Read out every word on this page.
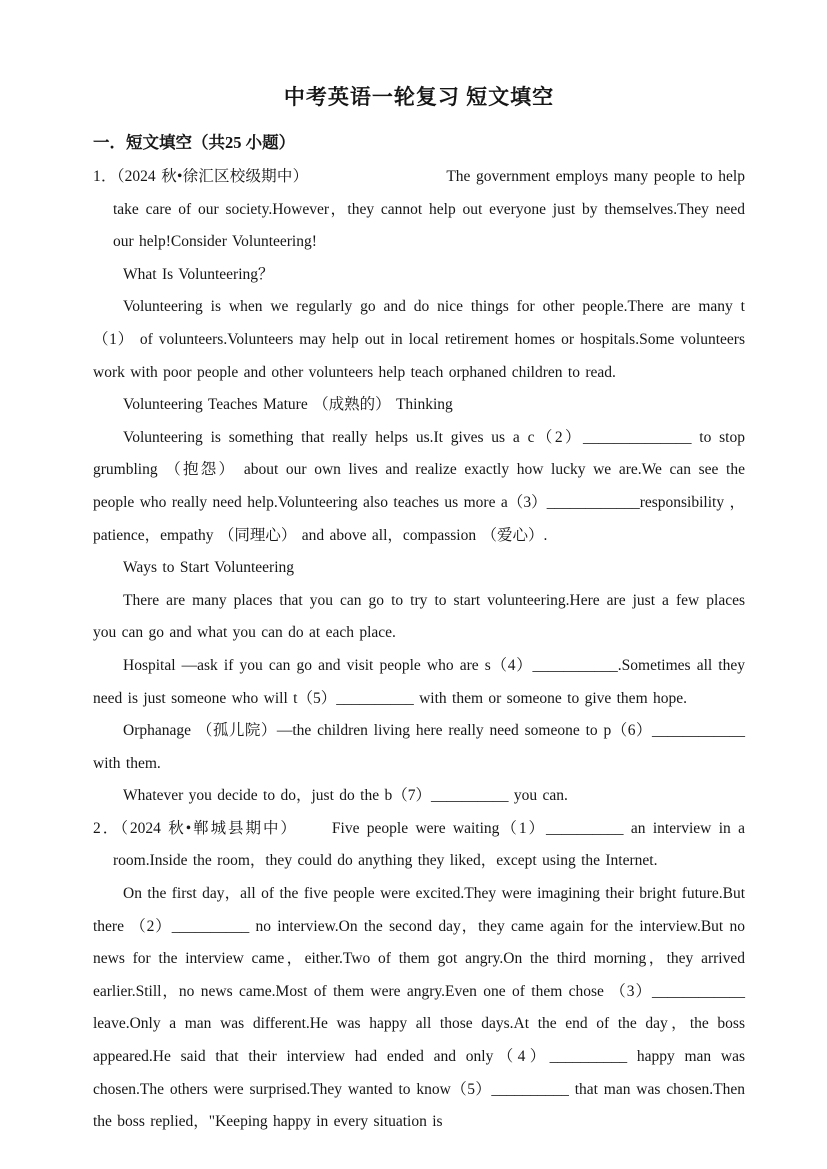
中考英语一轮复习 短文填空
一．短文填空（共25 小题）

1．（2024 秋•徐汇区校级期中）	The government employs many people to help take care of our society.However，they cannot help out everyone just by themselves.They need our help!Consider Volunteering!

What Is Volunteering？

Volunteering is when we regularly go and do nice things for other people.There are many t（1） of volunteers.Volunteers may help out in local retirement homes or hospitals.Some volunteers work with poor people and other volunteers help teach orphaned children to read.

Volunteering Teaches Mature （成熟的） Thinking

Volunteering is something that really helps us.It gives us a c（2）______________ to stop grumbling （抱怨） about our own lives and realize exactly how lucky we are.We can see the people who really need help.Volunteering also teaches us more a（3）____________responsibility ，patience，empathy （同理心） and above all，compassion （爱心）.

Ways to Start Volunteering

There are many places that you can go to try to start volunteering.Here are just a few places you can go and what you can do at each place.

Hospital —ask if you can go and visit people who are s（4）___________.Sometimes all they need is just someone who will t（5）__________ with them or someone to give them hope.

Orphanage （孤儿院）—the children living here really need someone to p（6）____________ with them.

Whatever you decide to do，just do the b（7）__________ you can.

2．（2024 秋•郸城县期中） Five people were waiting（1）__________ an interview in a room.Inside the room，they could do anything they liked，except using the Internet.

On the first day，all of the five people were excited.They were imagining their bright future.But there （2）__________ no interview.On the second day，they came again for the interview.But no news for the interview came，either.Two of them got angry.On the third morning，they arrived earlier.Still，no news came.Most of them were angry.Even one of them chose （3）____________ leave.Only a man was different.He was happy all those days.At the end of the day，the boss appeared.He said that their interview had ended and only（4）__________ happy man was chosen.The others were surprised.They wanted to know（5）__________ that man was chosen.Then the boss replied，"Keeping happy in every situation is
